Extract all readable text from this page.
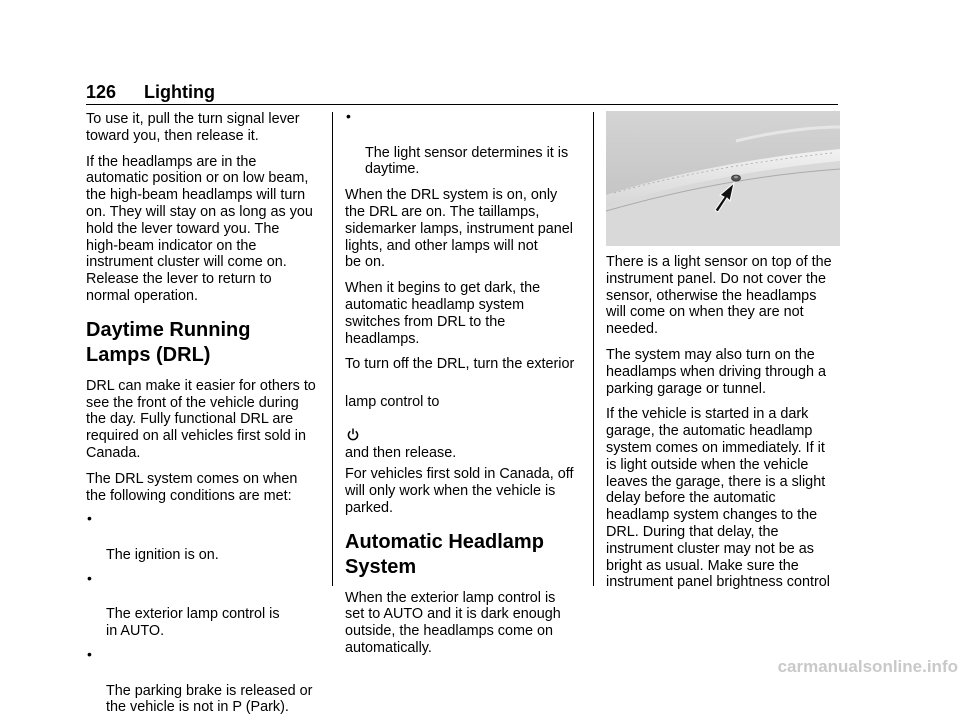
126 Lighting

To use it, pull the turn signal lever
toward you, then release it.

If the headlamps are in the
automatic position or on low beam,
the high-beam headlamps will turn
on. They will stay on as long as you
hold the lever toward you. The
high-beam indicator on the
instrument cluster will come on.
Release the lever to return to
normal operation.

Daytime Running
Lamps (DRL)

DRL can make it easier for others to
see the front of the vehicle during
the day. Fully functional DRL are
required on all vehicles first sold in
Canada.

The DRL system comes on when
the following conditions are met:

•

The ignition is on.

•

The exterior lamp control is
in AUTO.

•

The parking brake is released or
the vehicle is not in P (Park).

•

The light sensor determines it is
daytime.

When the DRL system is on, only
the DRL are on. The taillamps,
sidemarker lamps, instrument panel
lights, and other lamps will not
be on.

When it begins to get dark, the
automatic headlamp system
switches from DRL to the
headlamps.

To turn off the DRL, turn the exterior

lamp control to

and then release.

For vehicles first sold in Canada, off
will only work when the vehicle is
parked.

Automatic Headlamp
System

When the exterior lamp control is
set to AUTO and it is dark enough
outside, the headlamps come on
automatically.

There is a light sensor on top of the
instrument panel. Do not cover the
sensor, otherwise the headlamps
will come on when they are not
needed.

The system may also turn on the
headlamps when driving through a
parking garage or tunnel.

If the vehicle is started in a dark
garage, the automatic headlamp
system comes on immediately. If it
is light outside when the vehicle
leaves the garage, there is a slight
delay before the automatic
headlamp system changes to the
DRL. During that delay, the
instrument cluster may not be as
bright as usual. Make sure the
instrument panel brightness control

carmanualsonline.info
